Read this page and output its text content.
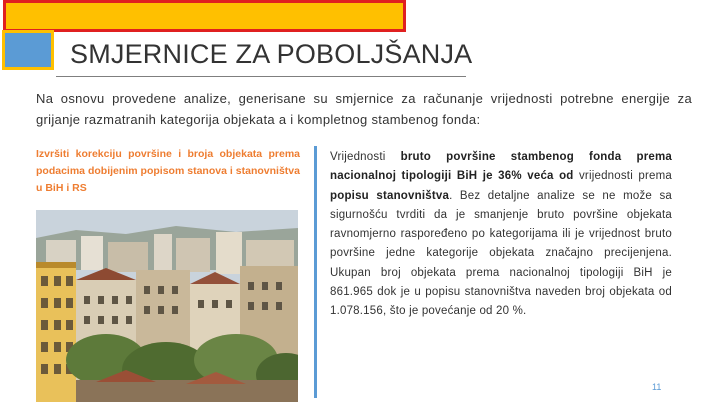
SMJERNICE ZA POBOLJŠANJA
Na osnovu provedene analize, generisane su smjernice za računanje vrijednosti potrebne energije za grijanje razmatranih kategorija objekata a i kompletnog stambenog fonda:
Izvršiti korekciju površine i broja objekata prema podacima dobijenim popisom stanova i stanovništva u BiH i RS
Vrijednosti bruto površine stambenog fonda prema nacionalnoj tipologiji BiH je 36% veća od vrijednosti prema popisu stanovništva. Bez detaljne analize se ne može sa sigurnošću tvrditi da je smanjenje bruto površine objekata ravnomjerno raspoređeno po kategorijama ili je vrijednost bruto površine jedne kategorije objekata značajno precijenjena. Ukupan broj objekata prema nacionalnoj tipologiji BiH je 861.965 dok je u popisu stanovništva naveden broj objekata od 1.078.156, što je povećanje od 20 %.
11
